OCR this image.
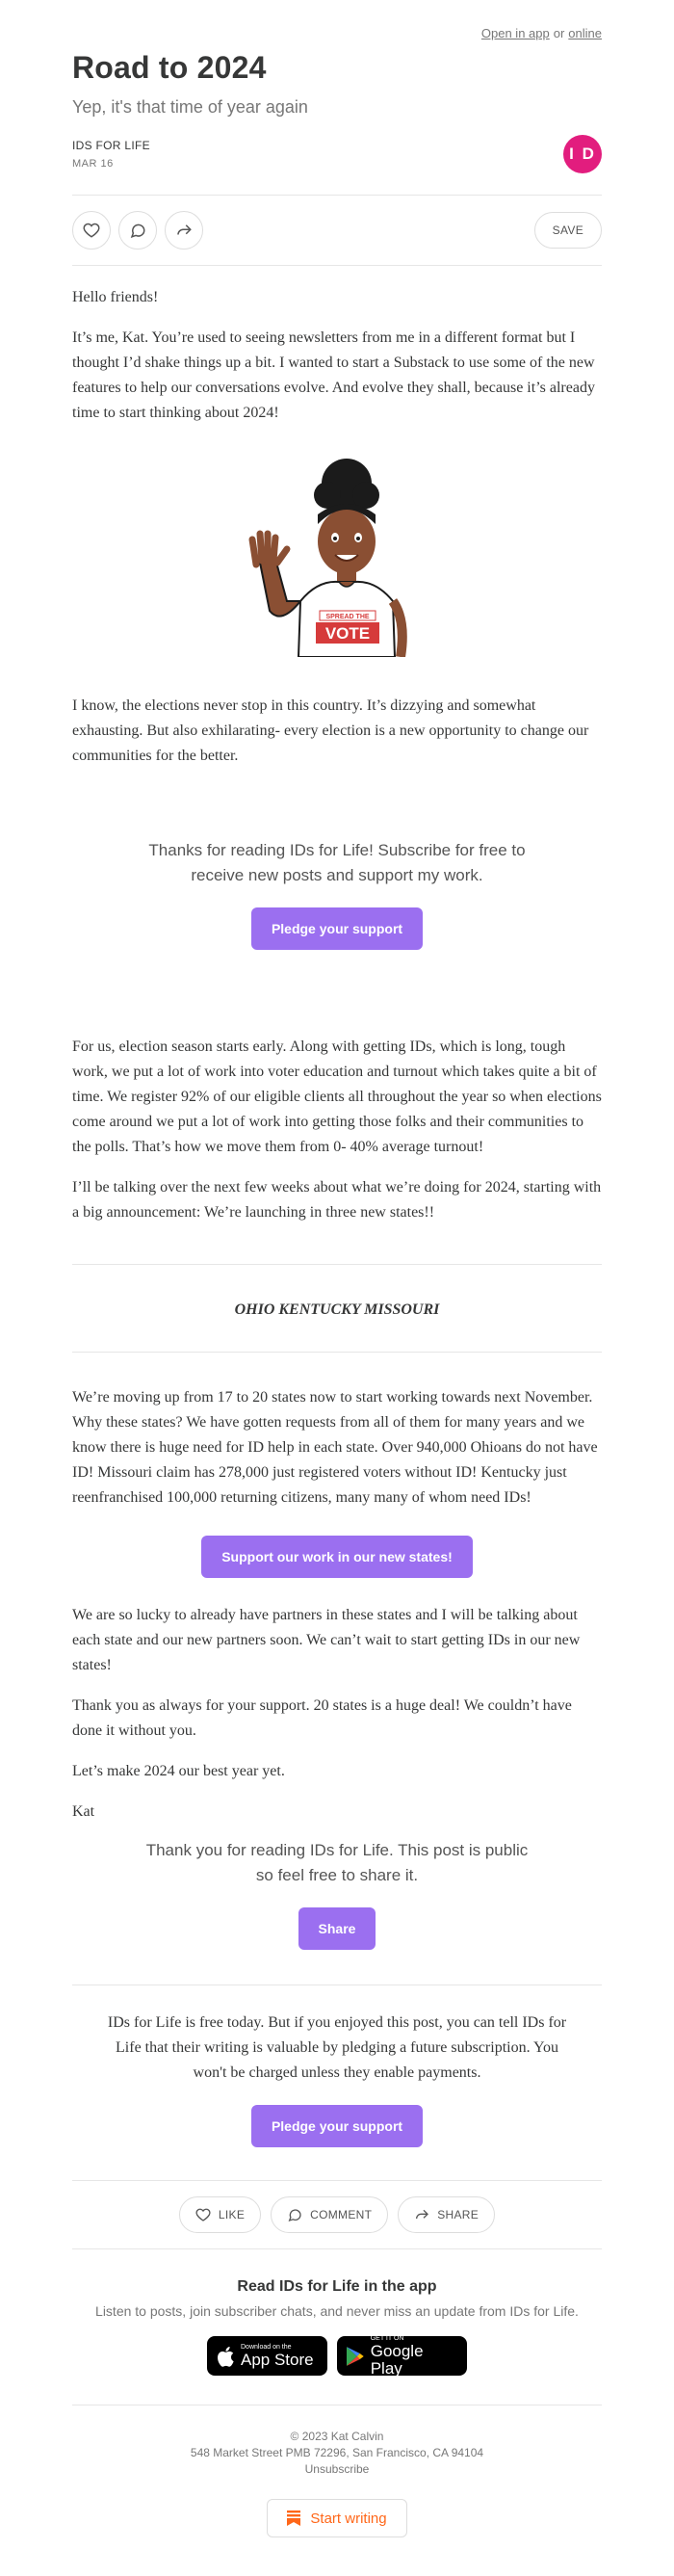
Open in app or online
Road to 2024
Yep, it's that time of year again
IDS FOR LIFE
MAR 16
I D
SAVE
Hello friends!
It’s me, Kat. You’re used to seeing newsletters from me in a different format but I thought I’d shake things up a bit. I wanted to start a Substack to use some of the new features to help our conversations evolve. And evolve they shall, because it’s already time to start thinking about 2024!
SPREAD THE
VOTE
I know, the elections never stop in this country. It’s dizzying and somewhat exhausting. But also exhilarating- every election is a new opportunity to change our communities for the better.
Thanks for reading IDs for Life! Subscribe for free to receive new posts and support my work.
Pledge your support
For us, election season starts early. Along with getting IDs, which is long, tough work, we put a lot of work into voter education and turnout which takes quite a bit of time. We register 92% of our eligible clients all throughout the year so when elections come around we put a lot of work into getting those folks and their communities to the polls. That’s how we move them from 0- 40% average turnout!
I’ll be talking over the next few weeks about what we’re doing for 2024, starting with a big announcement: We’re launching in three new states!!
OHIO KENTUCKY MISSOURI
We’re moving up from 17 to 20 states now to start working towards next November. Why these states? We have gotten requests from all of them for many years and we know there is huge need for ID help in each state. Over 940,000 Ohioans do not have ID! Missouri claim has 278,000 just registered voters without ID! Kentucky just reenfranchised 100,000 returning citizens, many many of whom need IDs!
Support our work in our new states!
We are so lucky to already have partners in these states and I will be talking about each state and our new partners soon. We can’t wait to start getting IDs in our new states!
Thank you as always for your support. 20 states is a huge deal! We couldn’t have done it without you.
Let’s make 2024 our best year yet.
Kat
Thank you for reading IDs for Life. This post is public so feel free to share it.
Share
IDs for Life is free today. But if you enjoyed this post, you can tell IDs for Life that their writing is valuable by pledging a future subscription. You won't be charged unless they enable payments.
Pledge your support
LIKE	COMMENT	SHARE
Read IDs for Life in the app
Listen to posts, join subscriber chats, and never miss an update from IDs for Life.
Download on the
App Store
GET IT ON
Google Play
© 2023 Kat Calvin
548 Market Street PMB 72296, San Francisco, CA 94104
Unsubscribe
Start writing
